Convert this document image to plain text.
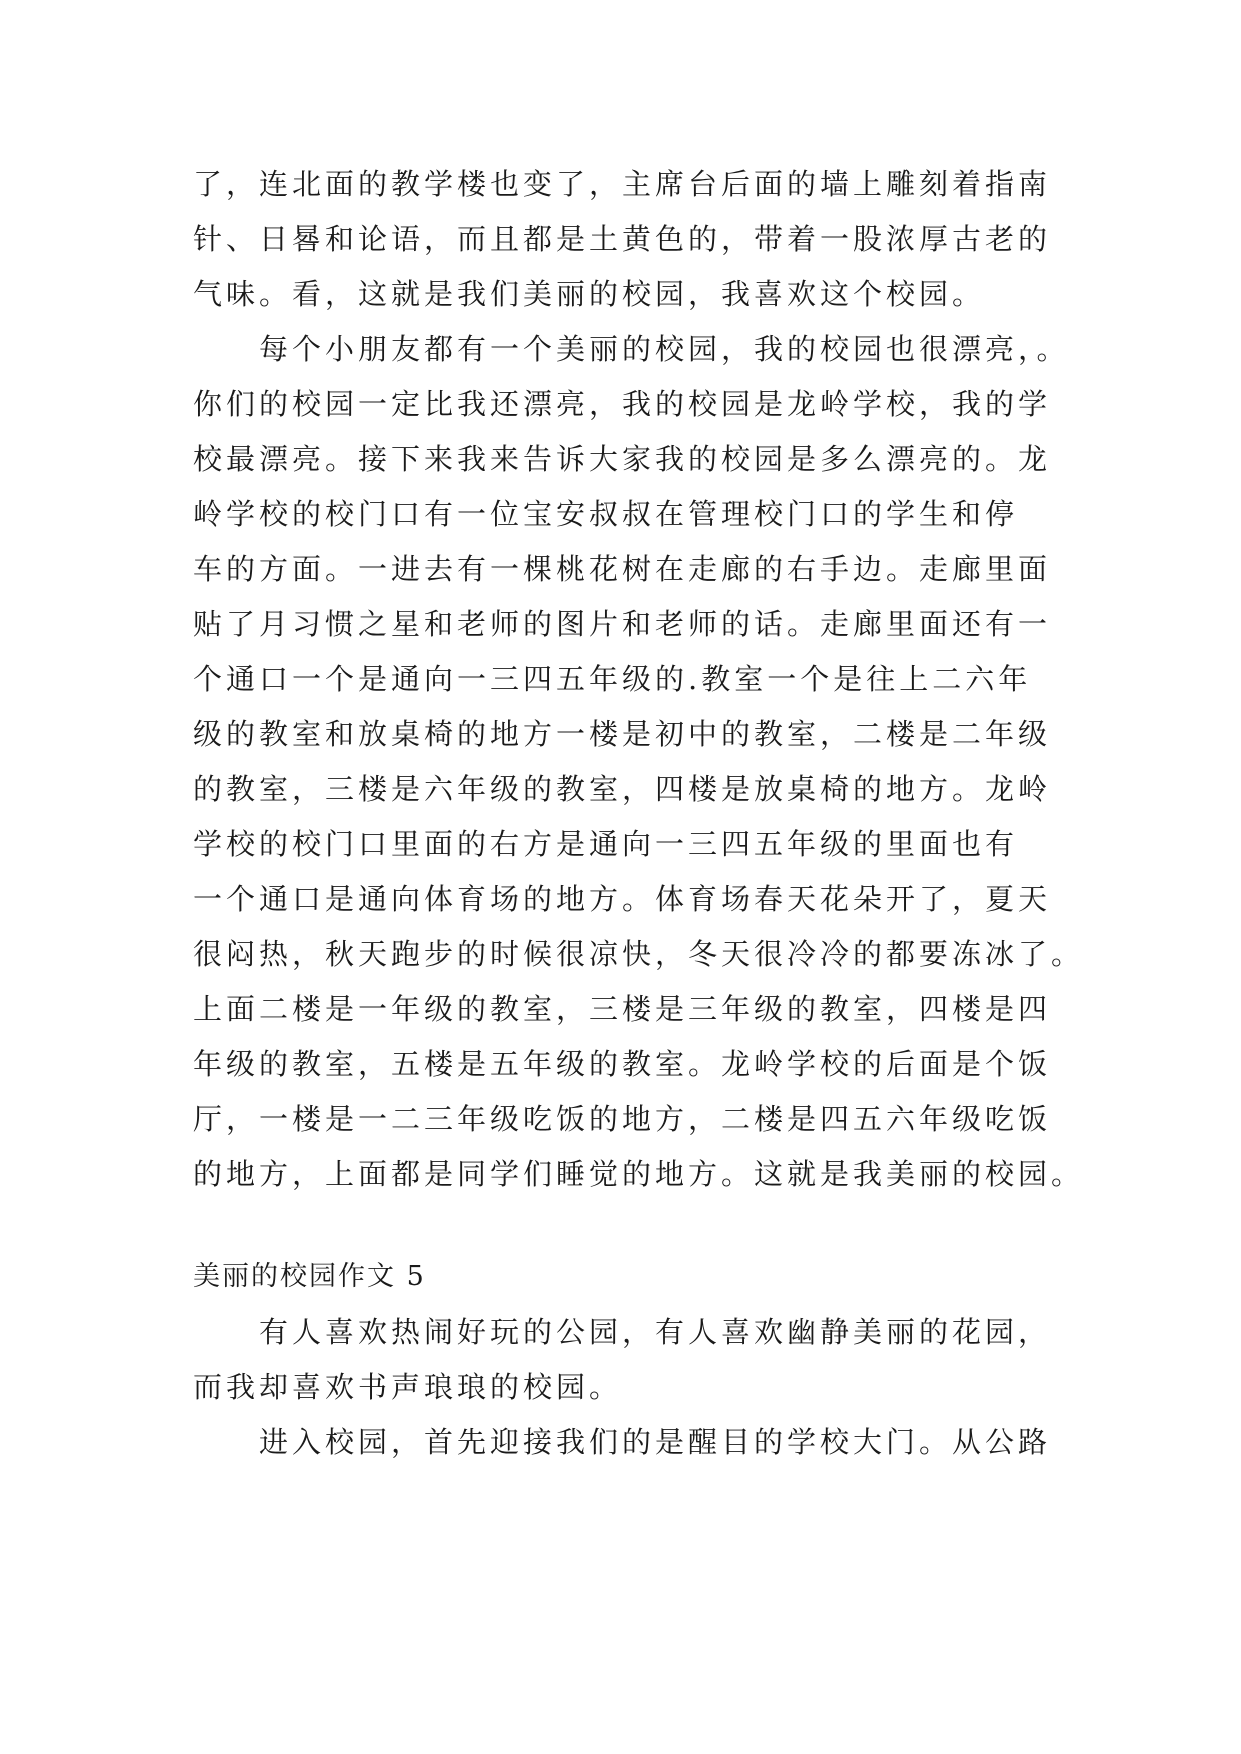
了，连北面的教学楼也变了，主席台后面的墙上雕刻着指南
针、日晷和论语，而且都是土黄色的，带着一股浓厚古老的
气味。看，这就是我们美丽的校园，我喜欢这个校园。
　　每个小朋友都有一个美丽的校园，我的校园也很漂亮，。
你们的校园一定比我还漂亮，我的校园是龙岭学校，我的学
校最漂亮。接下来我来告诉大家我的校园是多么漂亮的。龙
岭学校的校门口有一位宝安叔叔在管理校门口的学生和停
车的方面。一进去有一棵桃花树在走廊的右手边。走廊里面
贴了月习惯之星和老师的图片和老师的话。走廊里面还有一
个通口一个是通向一三四五年级的.教室一个是往上二六年
级的教室和放桌椅的地方一楼是初中的教室，二楼是二年级
的教室，三楼是六年级的教室，四楼是放桌椅的地方。龙岭
学校的校门口里面的右方是通向一三四五年级的里面也有
一个通口是通向体育场的地方。体育场春天花朵开了，夏天
很闷热，秋天跑步的时候很凉快，冬天很冷冷的都要冻冰了。
上面二楼是一年级的教室，三楼是三年级的教室，四楼是四
年级的教室，五楼是五年级的教室。龙岭学校的后面是个饭
厅，一楼是一二三年级吃饭的地方，二楼是四五六年级吃饭
的地方，上面都是同学们睡觉的地方。这就是我美丽的校园。
美丽的校园作文 5
　　有人喜欢热闹好玩的公园，有人喜欢幽静美丽的花园，
而我却喜欢书声琅琅的校园。
　　进入校园，首先迎接我们的是醒目的学校大门。从公路
